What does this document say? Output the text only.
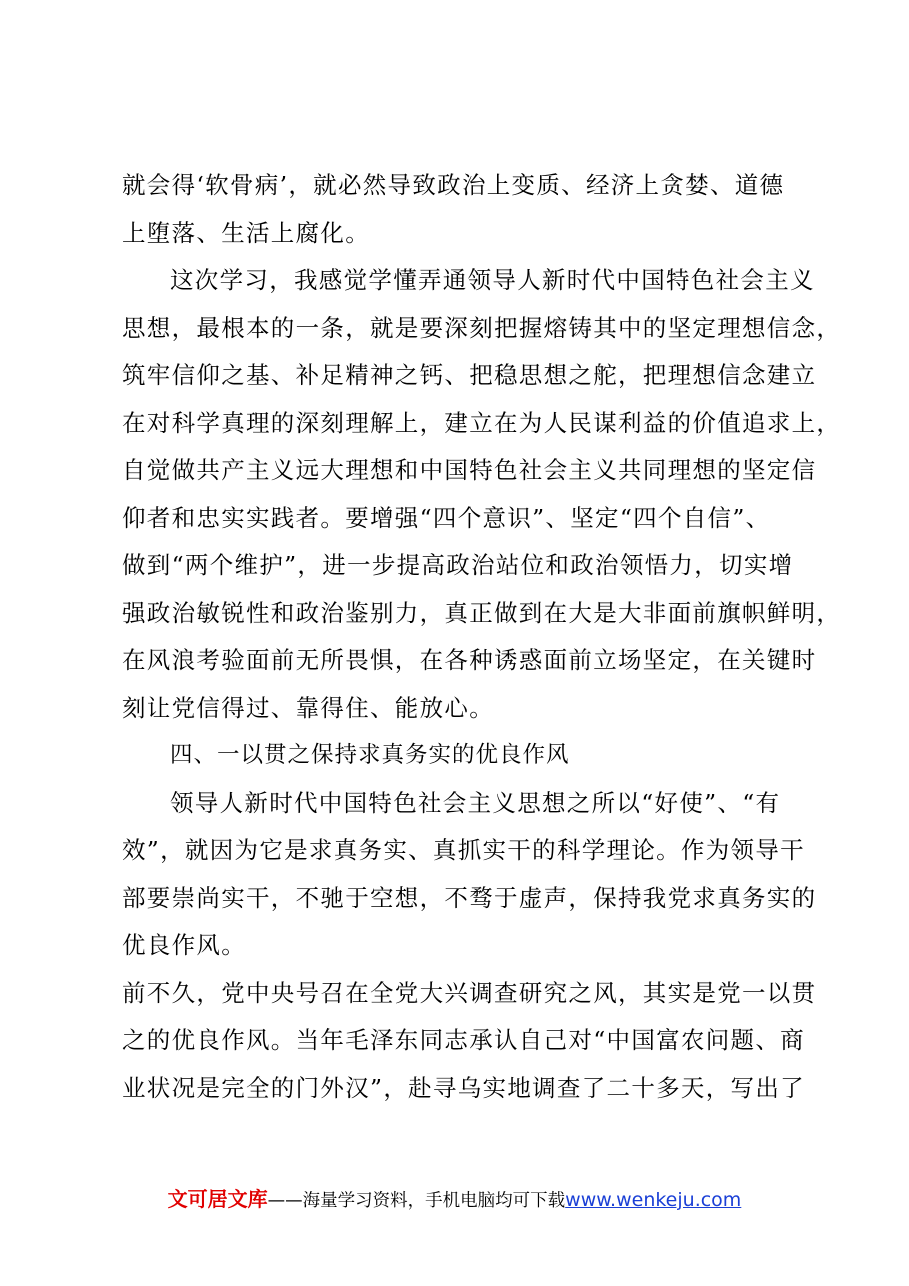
就会得‘软骨病’，就必然导致政治上变质、经济上贪婪、道德
上堕落、生活上腐化。
这次学习，我感觉学懂弄通领导人新时代中国特色社会主义
思想，最根本的一条，就是要深刻把握熔铸其中的坚定理想信念，
筑牢信仰之基、补足精神之钙、把稳思想之舵，把理想信念建立
在对科学真理的深刻理解上，建立在为人民谋利益的价值追求上，
自觉做共产主义远大理想和中国特色社会主义共同理想的坚定信
仰者和忠实实践者。要增强“四个意识”、坚定“四个自信”、
做到“两个维护”，进一步提高政治站位和政治领悟力，切实增
强政治敏锐性和政治鉴别力，真正做到在大是大非面前旗帜鲜明，
在风浪考验面前无所畏惧，在各种诱惑面前立场坚定，在关键时
刻让党信得过、靠得住、能放心。
四、一以贯之保持求真务实的优良作风
领导人新时代中国特色社会主义思想之所以“好使”、“有
效”，就因为它是求真务实、真抓实干的科学理论。作为领导干
部要崇尚实干，不驰于空想，不骛于虚声，保持我党求真务实的
优良作风。
前不久，党中央号召在全党大兴调查研究之风，其实是党一以贯
之的优良作风。当年毛泽东同志承认自己对“中国富农问题、商
业状况是完全的门外汉”，赴寻乌实地调查了二十多天，写出了
文可居文库——海量学习资料，手机电脑均可下载www.wenkeju.com
